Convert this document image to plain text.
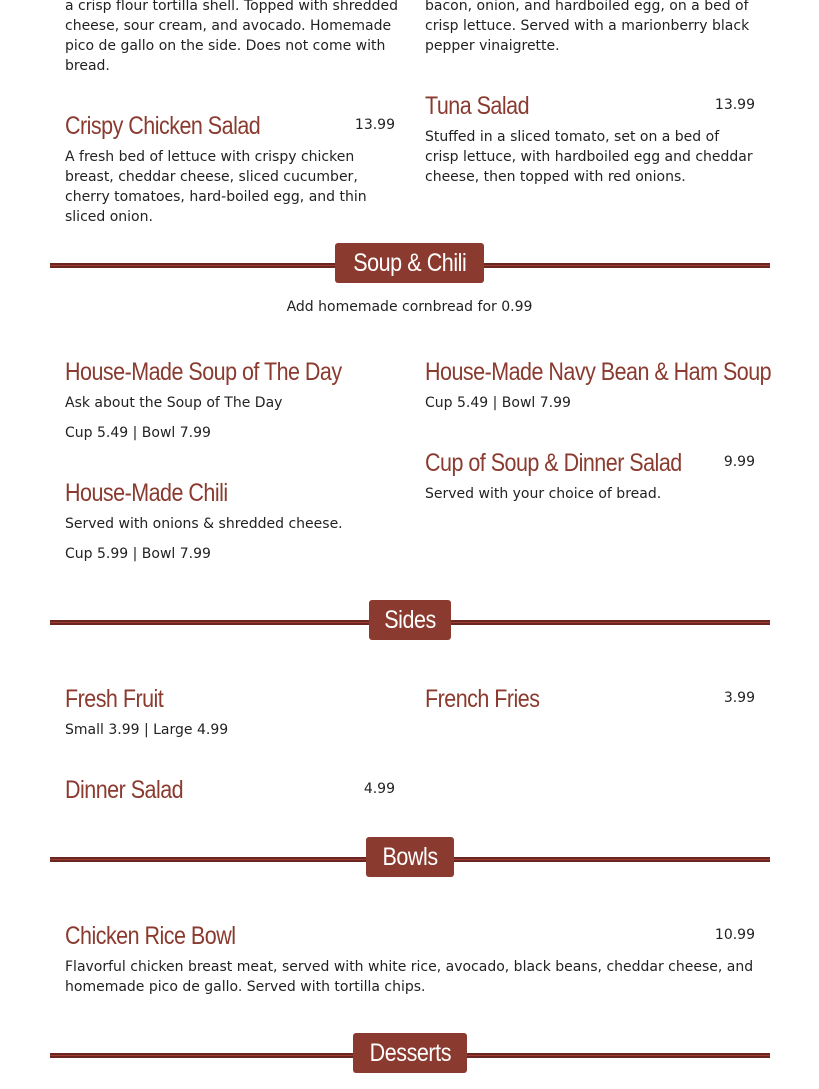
a crisp flour tortilla shell. Topped with shredded cheese, sour cream, and avocado. Homemade pico de gallo on the side. Does not come with bread.
bacon, onion, and hardboiled egg, on a bed of crisp lettuce. Served with a marionberry black pepper vinaigrette.
Crispy Chicken Salad	13.99
A fresh bed of lettuce with crispy chicken breast, cheddar cheese, sliced cucumber, cherry tomatoes, hard-boiled egg, and thin sliced onion.
Tuna Salad	13.99
Stuffed in a sliced tomato, set on a bed of crisp lettuce, with hardboiled egg and cheddar cheese, then topped with red onions.
Soup & Chili
Add homemade cornbread for 0.99
House-Made Soup of The Day
Ask about the Soup of The Day
Cup 5.49 | Bowl 7.99
House-Made Navy Bean & Ham Soup
Cup 5.49 | Bowl 7.99
House-Made Chili
Served with onions & shredded cheese.
Cup 5.99 | Bowl 7.99
Cup of Soup & Dinner Salad	9.99
Served with your choice of bread.
Sides
Fresh Fruit
Small 3.99 | Large 4.99
French Fries	3.99
Dinner Salad	4.99
Bowls
Chicken Rice Bowl	10.99
Flavorful chicken breast meat, served with white rice, avocado, black beans, cheddar cheese, and homemade pico de gallo. Served with tortilla chips.
Desserts
